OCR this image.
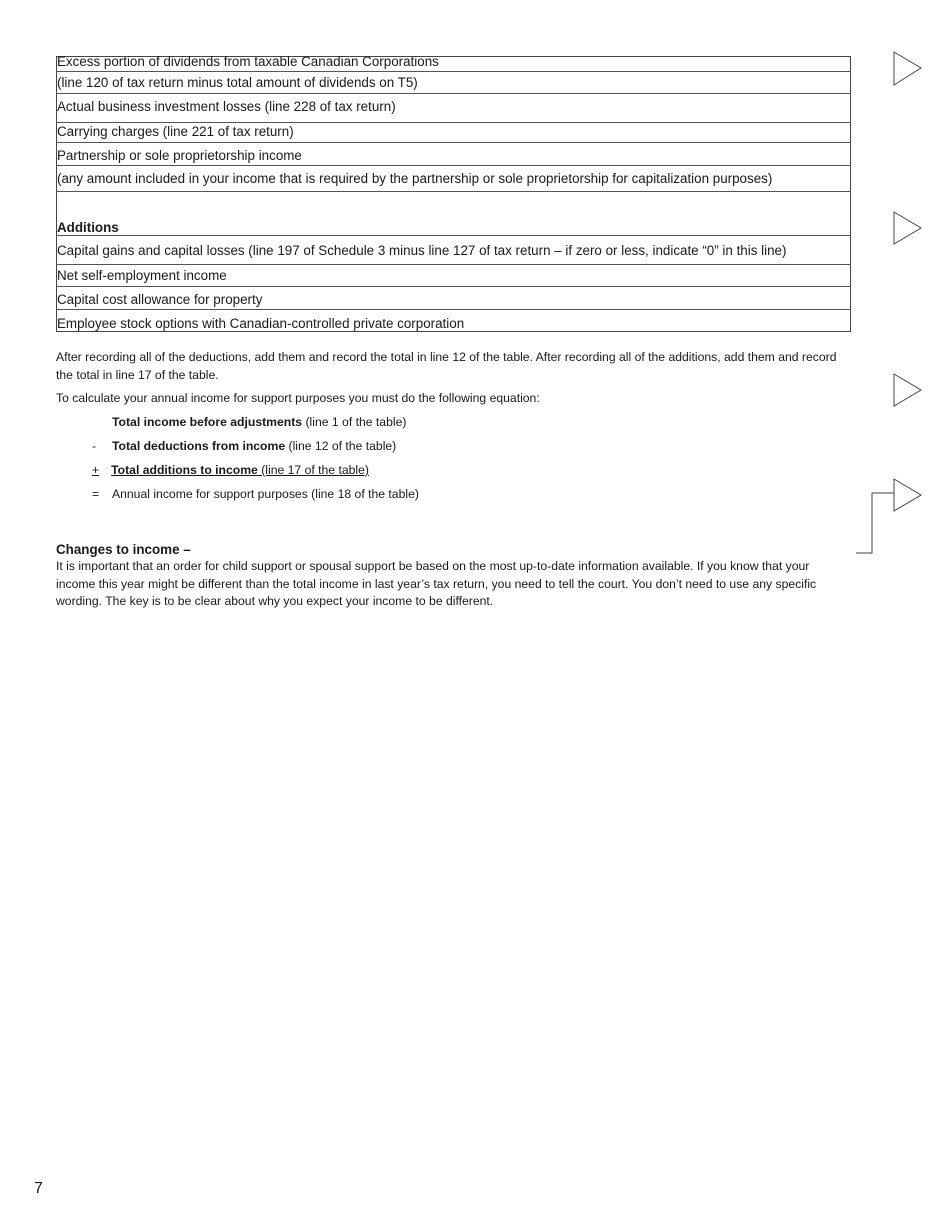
Excess portion of dividends from taxable Canadian Corporations
(line 120 of tax return minus total amount of dividends on T5)
Actual business investment losses (line 228 of tax return)
Carrying charges (line 221 of tax return)
Partnership or sole proprietorship income
(any amount included in your income that is required by the partnership or sole proprietorship for capitalization purposes)
Additions
Capital gains and capital losses (line 197 of Schedule 3 minus line 127 of tax return – if zero or less, indicate “0” in this line)
Net self-employment income
Capital cost allowance for property
Employee stock options with Canadian-controlled private corporation
After recording all of the deductions, add them and record the total in line 12 of the table. After recording all of the additions, add them and record the total in line 17 of the table.
To calculate your annual income for support purposes you must do the following equation:
Total income before adjustments (line 1 of the table)
- Total deductions from income (line 12 of the table)
+ Total additions to income (line 17 of the table)
= Annual income for support purposes (line 18 of the table)
Changes to income –
It is important that an order for child support or spousal support be based on the most up-to-date information available. If you know that your income this year might be different than the total income in last year’s tax return, you need to tell the court. You don’t need to use any specific wording. The key is to be clear about why you expect your income to be different.
7
